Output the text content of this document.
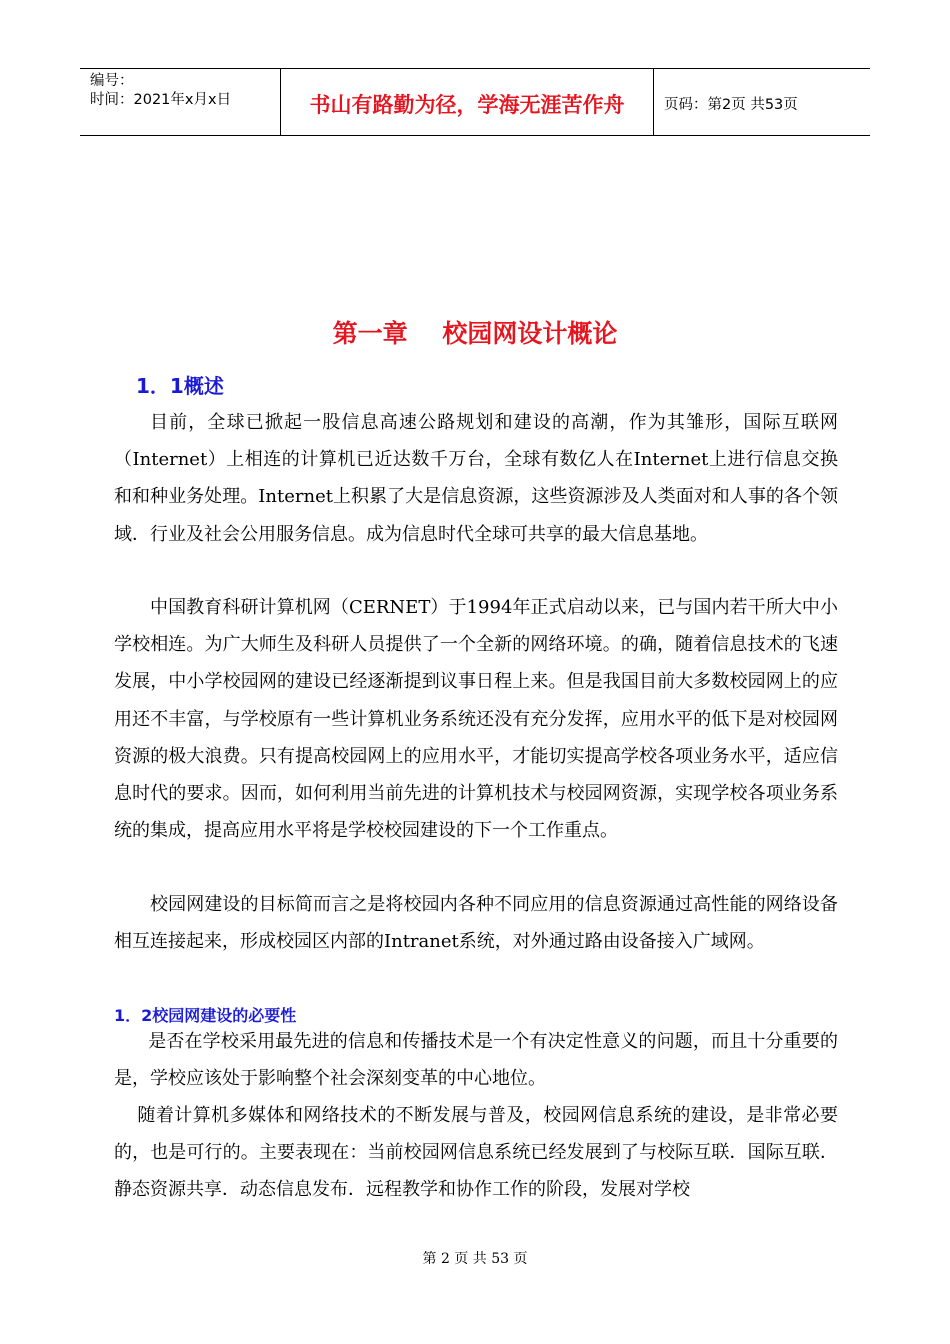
编号：
时间：2021年x月x日	书山有路勤为径，学海无涯苦作舟	页码：第2页 共53页
第一章    校园网设计概论
1．1概述

目前，全球已掀起一股信息高速公路规划和建设的高潮，作为其雏形，国际互联网（Internet）上相连的计算机已近达数千万台，全球有数亿人在Internet上进行信息交换和和种业务处理。Internet上积累了大是信息资源，这些资源涉及人类面对和人事的各个领域．行业及社会公用服务信息。成为信息时代全球可共享的最大信息基地。

中国教育科研计算机网（CERNET）于1994年正式启动以来，已与国内若干所大中小学校相连。为广大师生及科研人员提供了一个全新的网络环境。的确，随着信息技术的飞速发展，中小学校园网的建设已经逐渐提到议事日程上来。但是我国目前大多数校园网上的应用还不丰富，与学校原有一些计算机业务系统还没有充分发挥，应用水平的低下是对校园网资源的极大浪费。只有提高校园网上的应用水平，才能切实提高学校各项业务水平，适应信息时代的要求。因而，如何利用当前先进的计算机技术与校园网资源，实现学校各项业务系统的集成，提高应用水平将是学校校园建设的下一个工作重点。

校园网建设的目标简而言之是将校园内各种不同应用的信息资源通过高性能的网络设备相互连接起来，形成校园区内部的Intranet系统，对外通过路由设备接入广域网。

1．2校园网建设的必要性

是否在学校采用最先进的信息和传播技术是一个有决定性意义的问题，而且十分重要的是，学校应该处于影响整个社会深刻变革的中心地位。

随着计算机多媒体和网络技术的不断发展与普及，校园网信息系统的建设，是非常必要的，也是可行的。主要表现在：当前校园网信息系统已经发展到了与校际互联．国际互联．静态资源共享．动态信息发布．远程教学和协作工作的阶段，发展对学校

第 2 页 共 53 页
